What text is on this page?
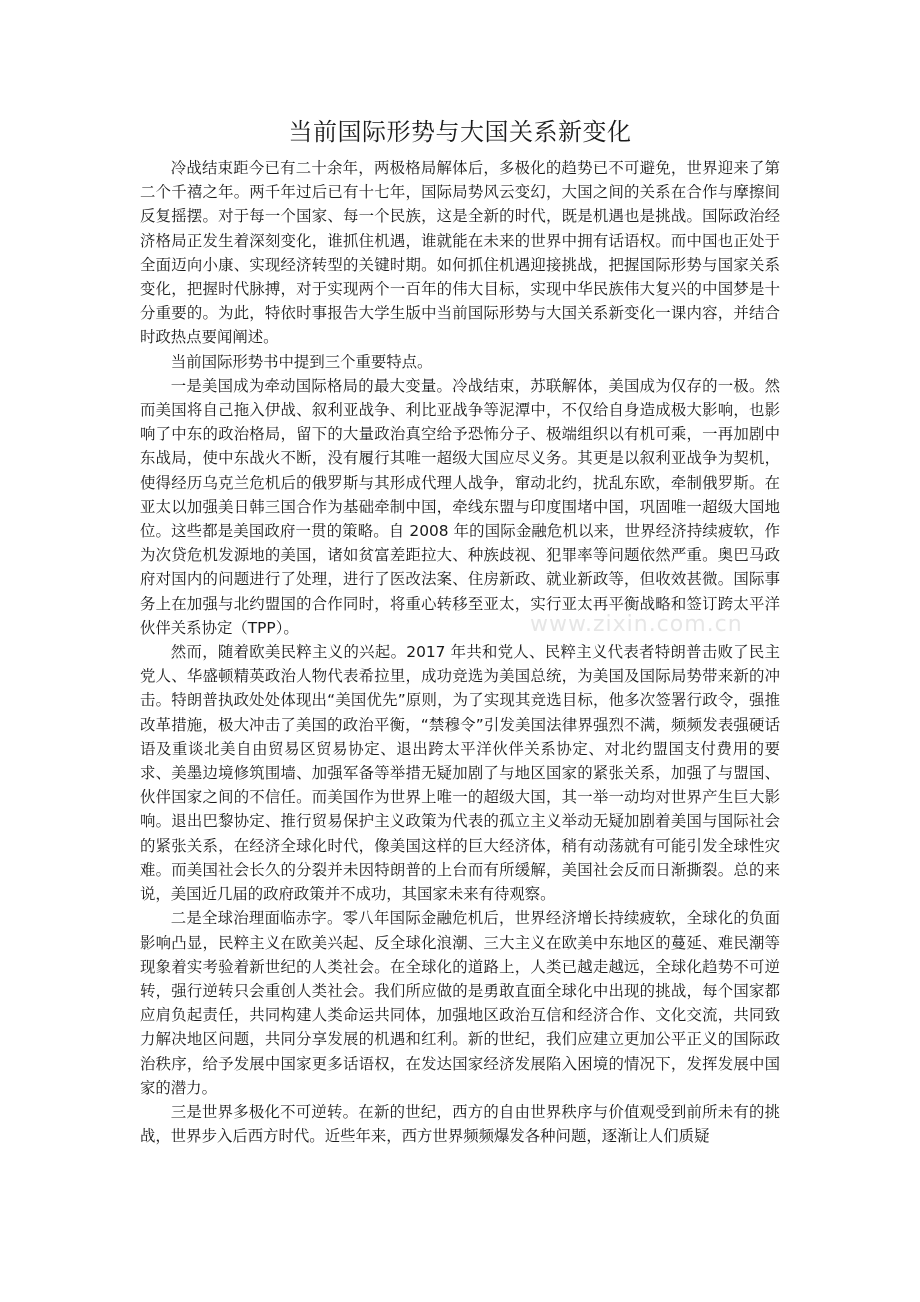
当前国际形势与大国关系新变化

冷战结束距今已有二十余年，两极格局解体后，多极化的趋势已不可避免，世界迎来了第二个千禧之年。两千年过后已有十七年，国际局势风云变幻，大国之间的关系在合作与摩擦间反复摇摆。对于每一个国家、每一个民族，这是全新的时代，既是机遇也是挑战。国际政治经济格局正发生着深刻变化，谁抓住机遇，谁就能在未来的世界中拥有话语权。而中国也正处于全面迈向小康、实现经济转型的关键时期。如何抓住机遇迎接挑战，把握国际形势与国家关系变化，把握时代脉搏，对于实现两个一百年的伟大目标，实现中华民族伟大复兴的中国梦是十分重要的。为此，特依时事报告大学生版中当前国际形势与大国关系新变化一课内容，并结合时政热点要闻阐述。

当前国际形势书中提到三个重要特点。

一是美国成为牵动国际格局的最大变量。冷战结束，苏联解体，美国成为仅存的一极。然而美国将自己拖入伊战、叙利亚战争、利比亚战争等泥潭中，不仅给自身造成极大影响，也影响了中东的政治格局，留下的大量政治真空给予恐怖分子、极端组织以有机可乘，一再加剧中东战局，使中东战火不断，没有履行其唯一超级大国应尽义务。其更是以叙利亚战争为契机，使得经历乌克兰危机后的俄罗斯与其形成代理人战争，窜动北约，扰乱东欧，牵制俄罗斯。在亚太以加强美日韩三国合作为基础牵制中国，牵线东盟与印度围堵中国，巩固唯一超级大国地位。这些都是美国政府一贯的策略。自 2008 年的国际金融危机以来，世界经济持续疲软，作为次贷危机发源地的美国，诸如贫富差距拉大、种族歧视、犯罪率等问题依然严重。奥巴马政府对国内的问题进行了处理，进行了医改法案、住房新政、就业新政等，但收效甚微。国际事务上在加强与北约盟国的合作同时，将重心转移至亚太，实行亚太再平衡战略和签订跨太平洋伙伴关系协定（TPP）。

然而，随着欧美民粹主义的兴起。2017 年共和党人、民粹主义代表者特朗普击败了民主党人、华盛顿精英政治人物代表希拉里，成功竞选为美国总统，为美国及国际局势带来新的冲击。特朗普执政处处体现出“美国优先”原则，为了实现其竞选目标，他多次签署行政令，强推改革措施，极大冲击了美国的政治平衡，“禁穆令”引发美国法律界强烈不满，频频发表强硬话语及重谈北美自由贸易区贸易协定、退出跨太平洋伙伴关系协定、对北约盟国支付费用的要求、美墨边境修筑围墙、加强军备等举措无疑加剧了与地区国家的紧张关系，加强了与盟国、伙伴国家之间的不信任。而美国作为世界上唯一的超级大国，其一举一动均对世界产生巨大影响。退出巴黎协定、推行贸易保护主义政策为代表的孤立主义举动无疑加剧着美国与国际社会的紧张关系，在经济全球化时代，像美国这样的巨大经济体，稍有动荡就有可能引发全球性灾难。而美国社会长久的分裂并未因特朗普的上台而有所缓解，美国社会反而日渐撕裂。总的来说，美国近几届的政府政策并不成功，其国家未来有待观察。

二是全球治理面临赤字。零八年国际金融危机后，世界经济增长持续疲软，全球化的负面影响凸显，民粹主义在欧美兴起、反全球化浪潮、三大主义在欧美中东地区的蔓延、难民潮等现象着实考验着新世纪的人类社会。在全球化的道路上，人类已越走越远，全球化趋势不可逆转，强行逆转只会重创人类社会。我们所应做的是勇敢直面全球化中出现的挑战，每个国家都应肩负起责任，共同构建人类命运共同体，加强地区政治互信和经济合作、文化交流，共同致力解决地区问题，共同分享发展的机遇和红利。新的世纪，我们应建立更加公平正义的国际政治秩序，给予发展中国家更多话语权，在发达国家经济发展陷入困境的情况下，发挥发展中国家的潜力。

三是世界多极化不可逆转。在新的世纪，西方的自由世界秩序与价值观受到前所未有的挑战，世界步入后西方时代。近些年来，西方世界频频爆发各种问题，逐渐让人们质疑

www.zixin.com.cn
